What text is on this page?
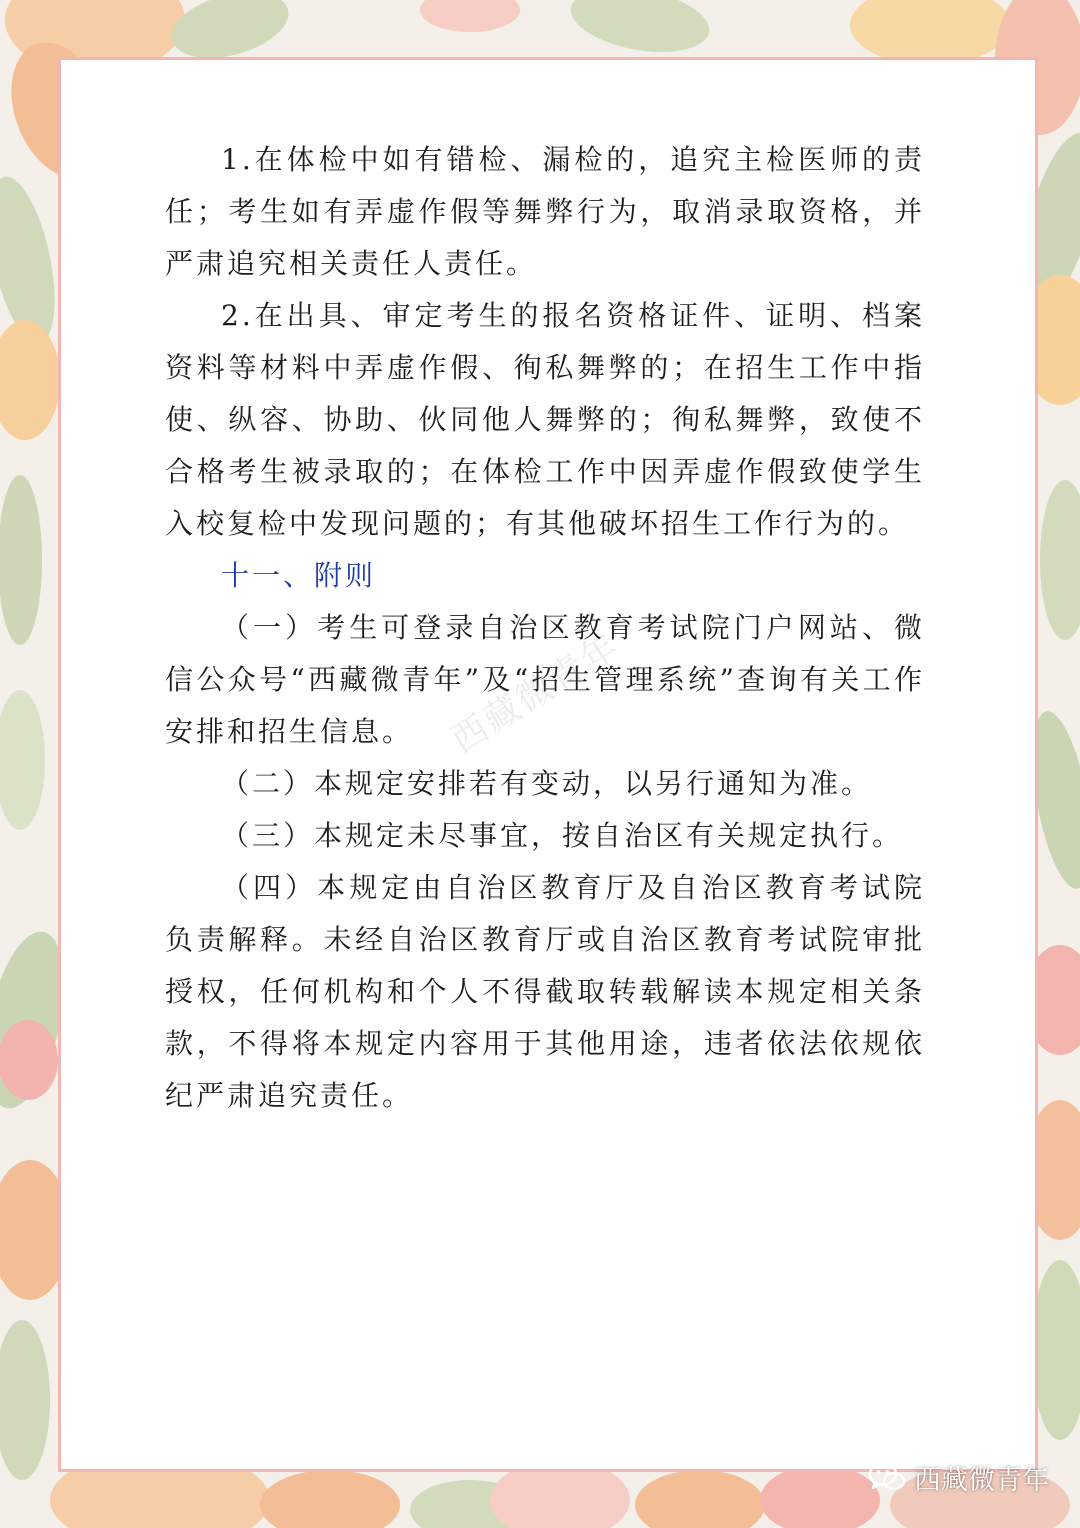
1.在体检中如有错检、漏检的，追究主检医师的责任；考生如有弄虚作假等舞弊行为，取消录取资格，并严肃追究相关责任人责任。

2.在出具、审定考生的报名资格证件、证明、档案资料等材料中弄虚作假、徇私舞弊的；在招生工作中指使、纵容、协助、伙同他人舞弊的；徇私舞弊，致使不合格考生被录取的；在体检工作中因弄虚作假致使学生入校复检中发现问题的；有其他破坏招生工作行为的。

十一、附则

（一）考生可登录自治区教育考试院门户网站、微信公众号“西藏微青年”及“招生管理系统”查询有关工作安排和招生信息。

（二）本规定安排若有变动，以另行通知为准。

（三）本规定未尽事宜，按自治区有关规定执行。

（四）本规定由自治区教育厅及自治区教育考试院负责解释。未经自治区教育厅或自治区教育考试院审批授权，任何机构和个人不得截取转载解读本规定相关条款，不得将本规定内容用于其他用途，违者依法依规依纪严肃追究责任。

西藏微青年
西藏微青年
